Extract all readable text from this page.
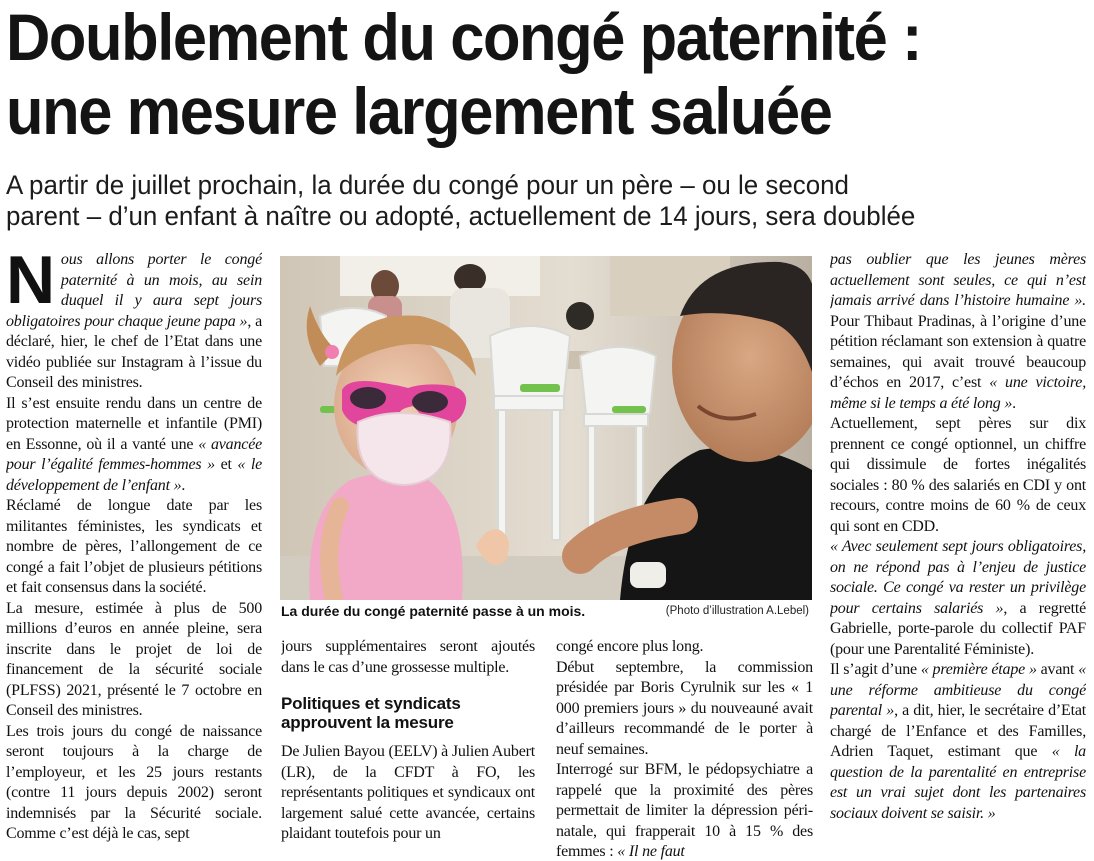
Doublement du congé paternité :
une mesure largement saluée
A partir de juillet prochain, la durée du congé pour un père – ou le second
parent – d’un enfant à naître ou adopté, actuellement de 14 jours, sera doublée

Nous allons porter le congé paternité à un mois, au sein duquel il y aura sept jours obligatoires pour chaque jeune papa », a déclaré, hier, le chef de l’Etat dans une vidéo publiée sur Instagram à l’issue du Conseil des ministres.

Il s’est ensuite rendu dans un centre de protection maternelle et infantile (PMI) en Essonne, où il a vanté une « avancée pour l’égalité femmes-hommes » et « le développement de l’enfant ».

Réclamé de longue date par les militantes féministes, les syndicats et nombre de pères, l’allongement de ce congé a fait l’objet de plusieurs pétitions et fait consensus dans la société.

La mesure, estimée à plus de 500 millions d’euros en année pleine, sera inscrite dans le projet de loi de financement de la sécurité sociale (PLFSS) 2021, présenté le 7 octobre en Conseil des ministres.

Les trois jours du congé de naissance seront toujours à la charge de l’employeur, et les 25 jours restants (contre 11 jours depuis 2002) seront indemnisés par la Sécurité sociale. Comme c’est déjà le cas, sept

La durée du congé paternité passe à un mois.	(Photo d’illustration A.Lebel)

jours supplémentaires seront ajoutés dans le cas d’une grossesse multiple.

Politiques et syndicats approuvent la mesure

De Julien Bayou (EELV) à Julien Aubert (LR), de la CFDT à FO, les représentants politiques et syndicaux ont largement salué cette avancée, certains plaidant toutefois pour un

congé encore plus long.

Début septembre, la commission présidée par Boris Cyrulnik sur les « 1 000 premiers jours » du nouveauné avait d’ailleurs recommandé de le porter à neuf semaines.

Interrogé sur BFM, le pédopsychiatre a rappelé que la proximité des pères permettait de limiter la dépression péri-natale, qui frapperait 10 à 15 % des femmes : « Il ne faut

pas oublier que les jeunes mères actuellement sont seules, ce qui n’est jamais arrivé dans l’histoire humaine ». Pour Thibaut Pradinas, à l’origine d’une pétition réclamant son extension à quatre semaines, qui avait trouvé beaucoup d’échos en 2017, c’est « une victoire, même si le temps a été long ».

Actuellement, sept pères sur dix prennent ce congé optionnel, un chiffre qui dissimule de fortes inégalités sociales : 80 % des salariés en CDI y ont recours, contre moins de 60 % de ceux qui sont en CDD.

« Avec seulement sept jours obligatoires, on ne répond pas à l’enjeu de justice sociale. Ce congé va rester un privilège pour certains salariés », a regretté Gabrielle, porte-parole du collectif PAF (pour une Parentalité Féministe).

Il s’agit d’une « première étape » avant « une réforme ambitieuse du congé parental », a dit, hier, le secrétaire d’Etat chargé de l’Enfance et des Familles, Adrien Taquet, estimant que « la question de la parentalité en entreprise est un vrai sujet dont les partenaires sociaux doivent se saisir. »
